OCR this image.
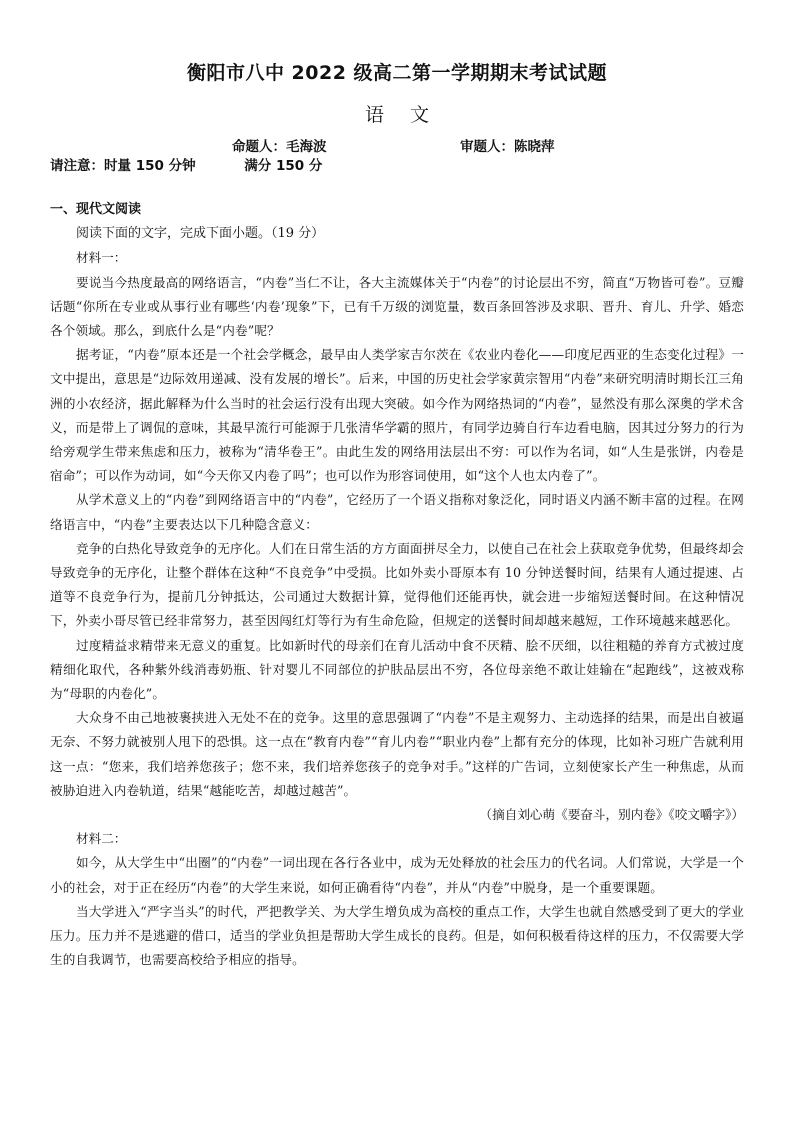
衡阳市八中 2022 级高二第一学期期末考试试题
语文
命题人：毛海波	审题人：陈晓萍
请注意：时量 150 分钟	满分 150 分

一、现代文阅读

阅读下面的文字，完成下面小题。（19 分）

材料一：

要说当今热度最高的网络语言，“内卷”当仁不让，各大主流媒体关于“内卷”的讨论层出不穷，简直“万物皆可卷”。豆瓣话题“你所在专业或从事行业有哪些‘内卷’现象”下，已有千万级的浏览量，数百条回答涉及求职、晋升、育儿、升学、婚恋各个领域。那么，到底什么是“内卷”呢？

据考证，“内卷”原本还是一个社会学概念，最早由人类学家吉尔茨在《农业内卷化——印度尼西亚的生态变化过程》一文中提出，意思是“边际效用递减、没有发展的增长”。后来，中国的历史社会学家黄宗智用“内卷”来研究明清时期长江三角洲的小农经济，据此解释为什么当时的社会运行没有出现大突破。如今作为网络热词的“内卷”，显然没有那么深奥的学术含义，而是带上了调侃的意味，其最早流行可能源于几张清华学霸的照片，有同学边骑自行车边看电脑，因其过分努力的行为给旁观学生带来焦虑和压力，被称为“清华卷王”。由此生发的网络用法层出不穷：可以作为名词，如“人生是张饼，内卷是宿命”；可以作为动词，如“今天你又内卷了吗”；也可以作为形容词使用，如“这个人也太内卷了”。

从学术意义上的“内卷”到网络语言中的“内卷”，它经历了一个语义指称对象泛化，同时语义内涵不断丰富的过程。在网络语言中，“内卷”主要表达以下几种隐含意义：

竞争的白热化导致竞争的无序化。人们在日常生活的方方面面拼尽全力，以使自己在社会上获取竞争优势，但最终却会导致竞争的无序化，让整个群体在这种“不良竞争”中受损。比如外卖小哥原本有 10 分钟送餐时间，结果有人通过提速、占道等不良竞争行为，提前几分钟抵达，公司通过大数据计算，觉得他们还能再快，就会进一步缩短送餐时间。在这种情况下，外卖小哥尽管已经非常努力，甚至因闯红灯等行为有生命危险，但规定的送餐时间却越来越短，工作环境越来越恶化。

过度精益求精带来无意义的重复。比如新时代的母亲们在育儿活动中食不厌精、脍不厌细，以往粗糙的养育方式被过度精细化取代，各种紫外线消毒奶瓶、针对婴儿不同部位的护肤品层出不穷，各位母亲绝不敢让娃输在“起跑线”，这被戏称为“母职的内卷化”。

大众身不由己地被裹挟进入无处不在的竞争。这里的意思强调了“内卷”不是主观努力、主动选择的结果，而是出自被逼无奈、不努力就被别人甩下的恐惧。这一点在“教育内卷”“育儿内卷”“职业内卷”上都有充分的体现，比如补习班广告就利用这一点：“您来，我们培养您孩子；您不来，我们培养您孩子的竞争对手。”这样的广告词，立刻使家长产生一种焦虑，从而被胁迫进入内卷轨道，结果“越能吃苦，却越过越苦”。

（摘自刘心萌《要奋斗，别内卷》《咬文嚼字》）

材料二：

如今，从大学生中“出圈”的“内卷”一词出现在各行各业中，成为无处释放的社会压力的代名词。人们常说，大学是一个小的社会，对于正在经历“内卷”的大学生来说，如何正确看待“内卷”，并从“内卷”中脱身，是一个重要课题。

当大学进入“严字当头”的时代，严把教学关、为大学生增负成为高校的重点工作，大学生也就自然感受到了更大的学业压力。压力并不是逃避的借口，适当的学业负担是帮助大学生成长的良药。但是，如何积极看待这样的压力，不仅需要大学生的自我调节，也需要高校给予相应的指导。
